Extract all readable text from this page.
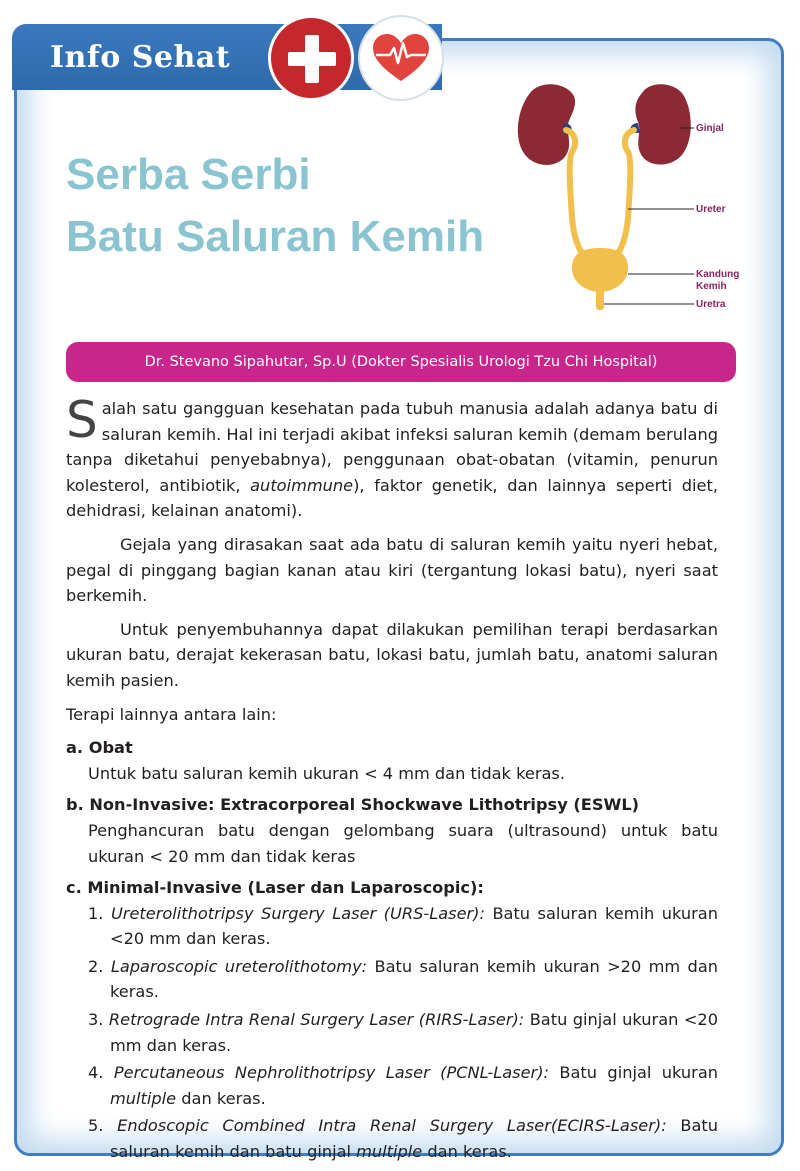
Info Sehat
Serba Serbi
Batu Saluran Kemih
Ginjal
Ureter
Kandung
Kemih
Uretra
Dr. Stevano Sipahutar, Sp.U (Dokter Spesialis Urologi Tzu Chi Hospital)

Salah satu gangguan kesehatan pada tubuh manusia adalah adanya batu di saluran kemih. Hal ini terjadi akibat infeksi saluran kemih (demam berulang tanpa diketahui penyebabnya), penggunaan obat-obatan (vitamin, penurun kolesterol, antibiotik, autoimmune), faktor genetik, dan lainnya seperti diet, dehidrasi, kelainan anatomi).

Gejala yang dirasakan saat ada batu di saluran kemih yaitu nyeri hebat, pegal di pinggang bagian kanan atau kiri (tergantung lokasi batu), nyeri saat berkemih.

Untuk penyembuhannya dapat dilakukan pemilihan terapi berdasarkan ukuran batu, derajat kekerasan batu, lokasi batu, jumlah batu, anatomi saluran kemih pasien.

Terapi lainnya antara lain:

a. Obat
Untuk batu saluran kemih ukuran < 4 mm dan tidak keras.
b. Non-Invasive: Extracorporeal Shockwave Lithotripsy (ESWL)
Penghancuran batu dengan gelombang suara (ultrasound) untuk batu ukuran < 20 mm dan tidak keras
c. Minimal-Invasive (Laser dan Laparoscopic):
1. Ureterolithotripsy Surgery Laser (URS-Laser): Batu saluran kemih ukuran <20 mm dan keras.
2. Laparoscopic ureterolithotomy: Batu saluran kemih ukuran >20 mm dan keras.
3. Retrograde Intra Renal Surgery Laser (RIRS-Laser): Batu ginjal ukuran <20 mm dan keras.
4. Percutaneous Nephrolithotripsy Laser (PCNL-Laser): Batu ginjal ukuran multiple dan keras.
5. Endoscopic Combined Intra Renal Surgery Laser(ECIRS-Laser): Batu saluran kemih dan batu ginjal multiple dan keras.
